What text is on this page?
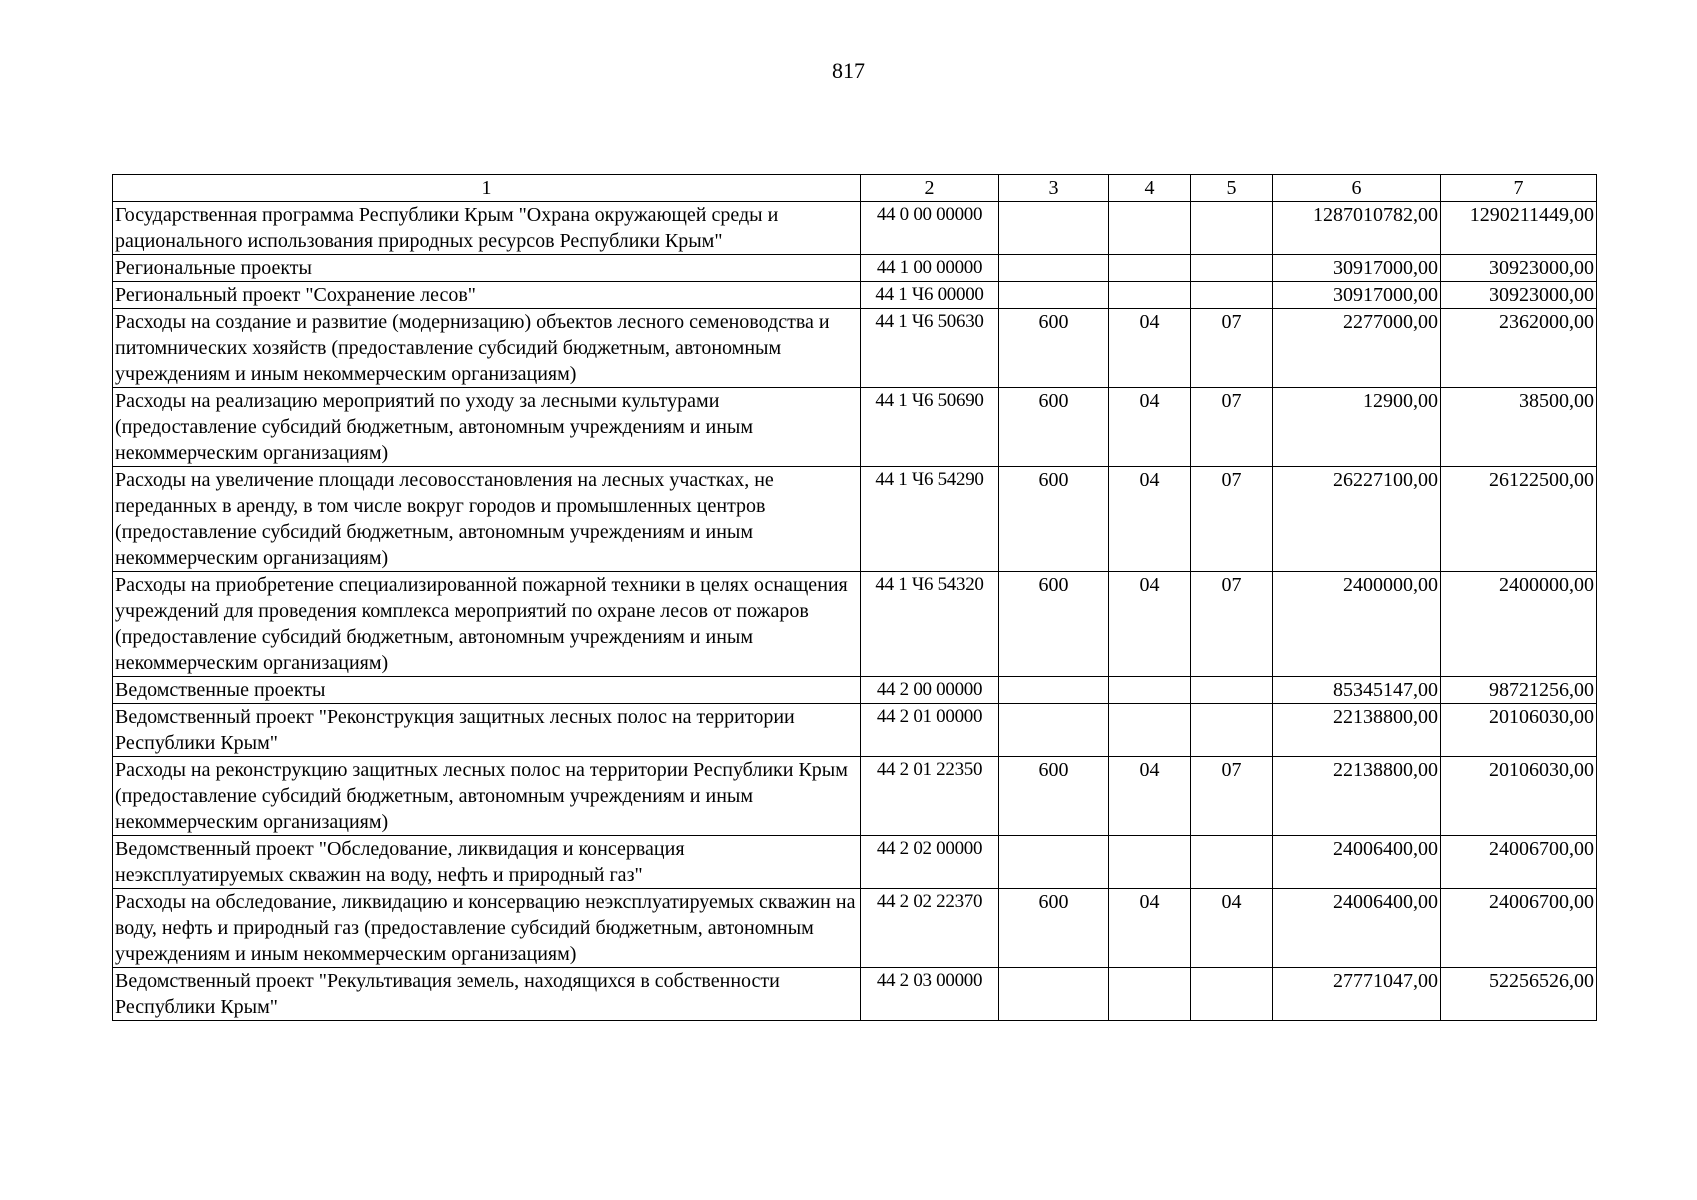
817
1	2	3	4	5	6	7
Государственная программа Республики Крым "Охрана окружающей среды и рационального использования природных ресурсов Республики Крым"	44 0 00 00000				1287010782,00	1290211449,00
Региональные проекты	44 1 00 00000				30917000,00	30923000,00
Региональный проект "Сохранение лесов"	44 1 Ч6 00000				30917000,00	30923000,00
Расходы на создание и развитие (модернизацию) объектов лесного семеноводства и питомнических хозяйств (предоставление субсидий бюджетным, автономным учреждениям и иным некоммерческим организациям)	44 1 Ч6 50630	600	04	07	2277000,00	2362000,00
Расходы на реализацию мероприятий по уходу за лесными культурами (предоставление субсидий бюджетным, автономным учреждениям и иным некоммерческим организациям)	44 1 Ч6 50690	600	04	07	12900,00	38500,00
Расходы на увеличение площади лесовосстановления на лесных участках, не переданных в аренду, в том числе вокруг городов и промышленных центров (предоставление субсидий бюджетным, автономным учреждениям и иным некоммерческим организациям)	44 1 Ч6 54290	600	04	07	26227100,00	26122500,00
Расходы на приобретение специализированной пожарной техники в целях оснащения учреждений для проведения комплекса мероприятий по охране лесов от пожаров (предоставление субсидий бюджетным, автономным учреждениям и иным некоммерческим организациям)	44 1 Ч6 54320	600	04	07	2400000,00	2400000,00
Ведомственные проекты	44 2 00 00000				85345147,00	98721256,00
Ведомственный проект "Реконструкция защитных лесных полос на территории Республики Крым"	44 2 01 00000				22138800,00	20106030,00
Расходы на реконструкцию защитных лесных полос на территории Республики Крым (предоставление субсидий бюджетным, автономным учреждениям и иным некоммерческим организациям)	44 2 01 22350	600	04	07	22138800,00	20106030,00
Ведомственный проект "Обследование, ликвидация и консервация неэксплуатируемых скважин на воду, нефть и природный газ"	44 2 02 00000				24006400,00	24006700,00
Расходы на обследование, ликвидацию и консервацию неэксплуатируемых скважин на воду, нефть и природный газ (предоставление субсидий бюджетным, автономным учреждениям и иным некоммерческим организациям)	44 2 02 22370	600	04	04	24006400,00	24006700,00
Ведомственный проект "Рекультивация земель, находящихся в собственности Республики Крым"	44 2 03 00000				27771047,00	52256526,00
